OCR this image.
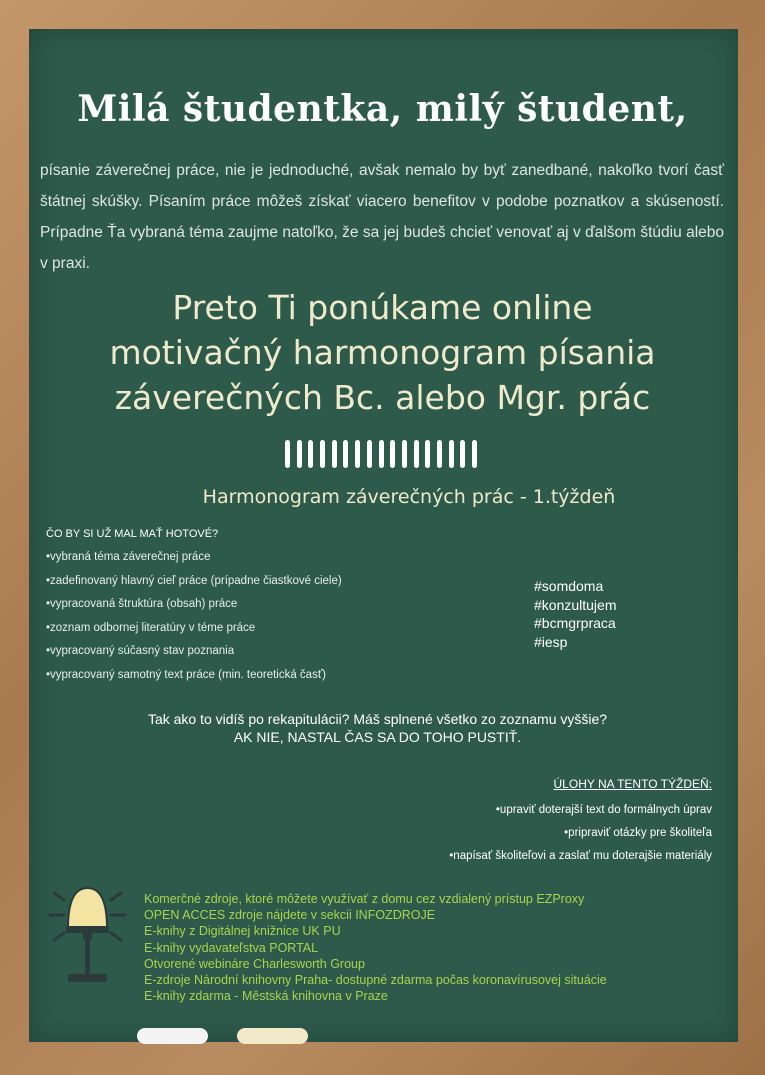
Milá študentka, milý študent,

písanie záverečnej práce, nie je jednoduché, avšak nemalo by byť zanedbané, nakoľko tvorí časť štátnej skúšky. Písaním práce môžeš získať viacero benefitov v podobe poznatkov a skúseností. Prípadne Ťa vybraná téma zaujme natoľko, že sa jej budeš chcieť venovať aj v ďalšom štúdiu alebo v praxi.

Preto Ti ponúkame online
motivačný harmonogram písania
záverečných Bc. alebo Mgr. prác
Harmonogram záverečných prác - 1.týždeň
ČO BY SI UŽ MAL MAŤ HOTOVÉ?
•vybraná téma záverečnej práce
•zadefinovaný hlavný cieľ práce (prípadne čiastkové ciele)
•vypracovaná štruktúra (obsah) práce
•zoznam odbornej literatúry v téme práce
•vypracovaný súčasný stav poznania
•vypracovaný samotný text práce (min. teoretická časť)
#somdoma
#konzultujem
#bcmgrpraca
#iesp
Tak ako to vidíš po rekapitulácii? Máš splnené všetko zo zoznamu vyššie?
AK NIE, NASTAL ČAS SA DO TOHO PUSTIŤ.
ÚLOHY NA TENTO TÝŽDEŇ:
•upraviť doterajší text do formálnych úprav
•pripraviť otázky pre školiteľa
•napísať školiteľovi a zaslať mu doterajšie materiály
Komerčné zdroje, ktoré môžete využívať z domu cez vzdialený prístup EZProxy
OPEN ACCES zdroje nájdete v sekcii INFOZDROJE
E-knihy z Digitálnej knižnice UK PU
E-knihy vydavateľstva PORTAL
Otvorené webináre Charlesworth Group
E-zdroje Národní knihovny Praha- dostupné zdarma počas koronavírusovej situácie
E-knihy zdarma - Městská knihovna v Praze
